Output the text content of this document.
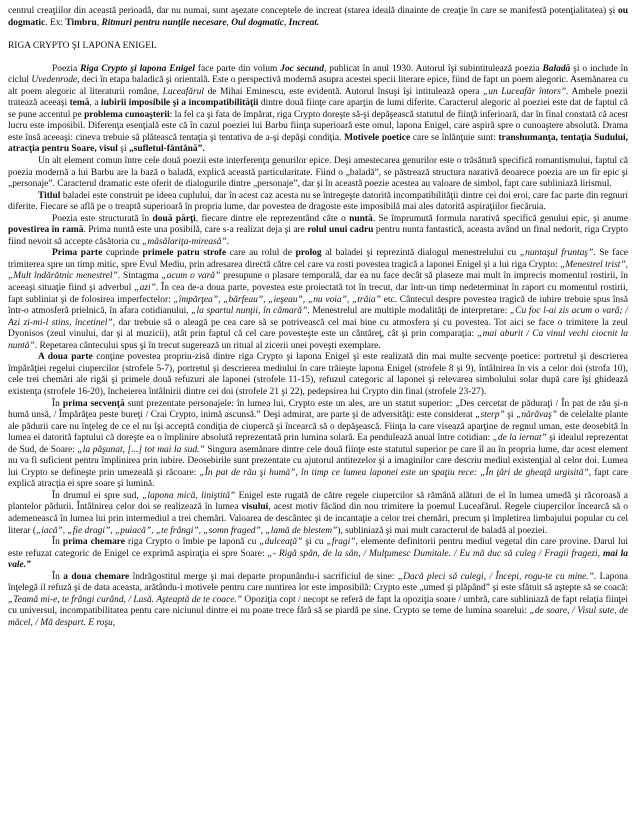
centrul creaţiilor din această perioadă, dar nu numai, sunt aşezate conceptele de increat (starea ideală dinainte de creaţie în care se manifestă potenţialitatea) şi ou dogmatic. Ex: Timbru, Ritmuri pentru nunţile necesare, Oul dogmatic, Increat.

RIGA CRYPTO ŞI LAPONA ENIGEL

Poezia Riga Crypto şi lapona Enigel face parte din volum Joc secund, publicat în anul 1930. Autorul îşi subintitulează poezia Baladă şi o include în ciclul Uvedenrode, deci în etapa baladică şi orientală. Este o perspectivă modernă asupra acestei specii literare epice, fiind de fapt un poem alegoric. Asemănarea cu alt poem alegoric al literaturii române, Luceafărul de Mihai Eminescu, este evidentă. Autorul însuşi îşi intitulează opera „un Luceafăr întors”. Ambele poezii tratează aceeaşi temă, a iubirii imposibile şi a incompatibilităţii dintre două fiinţe care aparţin de lumi diferite. Caracterul alegoric al poeziei este dat de faptul că se pune accentul pe problema cunoaşterii: la fel ca şi fata de împărat, riga Crypto doreşte să-şi depăşească statutul de fiinţă inferioară, dar în final constată că acest lucru este imposibil. Diferenţa esenţială este că în cazul poeziei lui Barbu fiinţa superioară este omul, lapona Enigel, care aspiră spre o cunoaştere absolută. Drama este însă aceeaşi: cineva trebuie să plătească tentaţia şi tentativa de a-şi depăşi condiţia. Motivele poetice care se înlănţuie sunt: transhumanţa, tentaţia Sudului, atracţia pentru Soare, visul şi „sufletul-fântână”.

Un alt element comun între cele două poezii este interferenţa genurilor epice. Deşi amestecarea genurilor este o trăsătură specifică romantismului, faptul că poezia modernă a lui Barbu are la bază o baladă, explică această particularitate. Fiind o „baladă”, se păstrează structura narativă deoarece poezia are un fir epic şi „personaje”. Caracterul dramatic este oferit de dialogurile dintre „personaje”, dar şi în această poezie acestea au valoare de simbol, fapt care subliniază lirismul.

Titlul baladei este construit pe ideea cuplului, dar în acest caz acesta nu se întregeşte datorită incompatibilităţii dintre cei doi eroi, care fac parte din regnuri diferite. Fiecare se află pe o treaptă superioară în propria lume, dar povestea de dragoste este imposibilă mai ales datorită aspiraţiilor fiecăruia.

Poezia este structurată în două părţi, fiecare dintre ele reprezentând câte o nuntă. Se împrumută formula narativă specifică genului epic, şi anume povestirea în ramă. Prima nuntă este una posibilă, care s-a realizat deja şi are rolul unui cadru pentru nunta fantastică, aceasta având un final nedorit, riga Crypto fiind nevoit să accepte căsătoria cu „măsălariţa-mireasă”.

Prima parte cuprinde primele patru strofe care au rolul de prolog al baladei şi reprezintă dialogul menestrelului cu „nuntaşul fruntaş”. Se face trimiterea spre un timp mitic, spre Evul Mediu, prin adresarea directă către cel care va rosti povestea tragică a laponei Enigel şi a lui riga Crypto: „Menestrel trist”, „Mult îndărătnic menestrel”. Sintagma „acum o vară” presupune o plasare temporală, dar ea nu face decât să plaseze mai mult în imprecis momentul rostirii, în aceeaşi situaţie fiind şi adverbul „azi”. În cea de-a doua parte, povestea este proiectată tot în trecut, dar într-un timp nedeterminat în raport cu momentul rostirii, fapt subliniat şi de folosirea imperfectelor: „împărţea”, „bărfeau”, „ieşeau”, „nu voia”, „trăia” etc. Cântecul despre povestea tragică de iubire trebuie spus însă într-o atmosferă prielnică, în afara cotidianului, „la spartul nunţii, în cămară”. Menestrelul are multiple modalităţi de interpretare: „Cu foc l-ai zis acum o vară; / Azi zi-mi-l stins, încetinel”, dar trebuie să o aleagă pe cea care să se potrivească cel mai bine cu atmosfera şi cu povestea. Tot aici se face o trimitere la zeul Dyonisos (zeul vinului, dar şi al muzicii), atât prin faptul că cel care povesteşte este un cântăreţ, cât şi prin comparaţia: „mai aburit / Ca vinul vechi ciocnit la nuntă”. Repetarea cântecului spus şi în trecut sugerează un ritual al zicerii unei poveşti exemplare.

A doua parte conţine povestea propriu-zisă dintre riga Crypto şi lapona Enigel şi este realizată din mai multe secvenţe poetice: portretul şi descrierea împărăţiei regelui ciupercilor (strofele 5-7), portretul şi descrierea mediului în care trăieşte lapona Enigel (strofele 8 şi 9), întâlnirea în vis a celor doi (strofa 10), cele trei chemări ale rigăi şi primele două refuzuri ale laponei (strofele 11-15), refuzul categoric al laponei şi relevarea simbolului solar după care îşi ghidează existenţa (strofele 16-20), încheierea întâlnirii dintre cei doi (strofele 21 şi 22), pedepsirea lui Crypto din final (strofele 23-27).

În prima secvenţă sunt prezentate personajele: în lumea lui, Crypto este un ales, are un statut superior: „Des cercetat de păduraţi / În pat de rău şi-n humă unsă, / Împărăţea peste bureţi / Crai Crypto, inimă ascunsă.” Deşi admirat, are parte şi de adversităţi: este considerat „sterp” şi „nărăvaş” de celelalte plante ale pădurii care nu înţeleg de ce el nu îşi acceptă condiţia de ciupercă şi încearcă să o depăşească. Fiinţa la care visează aparţine de regnul uman, este deosebită în lumea ei datorită faptului că doreşte ea o împlinire absolută reprezentată prin lumina solară. Ea pendulează anual între cotidian: „de la iernat” şi idealul reprezentat de Sud, de Soare: „la păşunat, [...] tot mai la sud.” Singura asemănare dintre cele două fiinţe este statutul superior pe care îl au în propria lume, dar acest element nu va fi suficient pentru împlinirea prin iubire. Deosebirile sunt prezentate cu ajutorul antitezelor şi a imaginilor care descriu mediul existenţial al celor doi. Lumea lui Crypto se defineşte prin umezeală şi răcoare: „În pat de rău şi humă”, în timp ce lumea laponei este un spaţiu rece: „În ţări de gheaţă urgisită”, fapt care explică atracţia ei spre soare şi lumină.

În drumul ei spre sud, „lapona mică, liniştită” Enigel este rugată de către regele ciupercilor să rămână alături de el în lumea umedă şi răcoroasă a plantelor pădurii. Întâlnirea celor doi se realizează în lumea visului, acest motiv făcând din nou trimitere la poemul Luceafărul. Regele ciupercilor încearcă să o ademenească în lumea lui prin intermediul a trei chemări. Valoarea de descântec şi de incantaţie a celor trei chemări, precum şi împletirea limbajului popular cu cel literar („iacă”, „fie dragi”, „puiacă”, „te frângi”, „somn fraged”, „lamă de blestem”), subliniază şi mai mult caracterul de baladă al poeziei.

În prima chemare riga Crypto o îmbie pe laponă cu „dulceaţă” şi cu „fragi”, elemente definitorii pentru mediul vegetal din care provine. Darul lui este refuzat categoric de Enigel ce exprimă aspiraţia ei spre Soare: „- Rigă spân, de la sân, / Mulţumesc Dumitale. / Eu mă duc să culeg / Fragii fragezi, mai la vale.”

În a doua chemare îndrăgostitul merge şi mai departe propunându-i sacrificiul de sine: „Dacă pleci să culegi, / Începi, rogu-te cu mine.”. Lapona înţelegă il refuză şi de data aceasta, arătându-i motivele pentru care nuntirea lor este imposibilă: Crypto este „umed şi plăpând” şi este sfătuit să aştepte să se coacă: „Teamă mi-e, te frângi curând, / Lasă. Aşteaptă de te coace.” Opoziţia copt / necopt se referă de fapt la opoziţia soare / umbră, care subliniază de fapt relaţia fiinţei cu universul, incompatibilitatea pentu care niciunul dintre ei nu poate trece fără să se piardă pe sine. Crypto se teme de lumina soarelui: „de soare, / Visul sute, de măcel, / Mă despart. E roşu,
